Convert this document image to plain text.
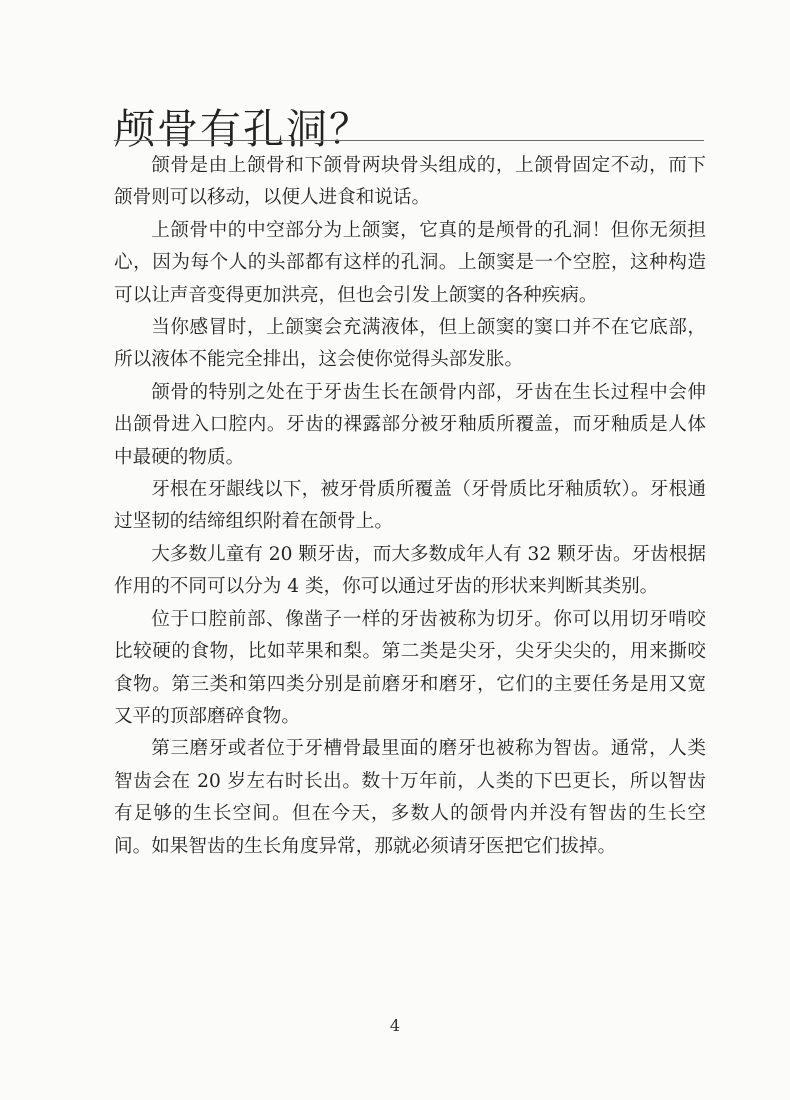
颅骨有孔洞？

颌骨是由上颌骨和下颌骨两块骨头组成的，上颌骨固定不动，而下颌骨则可以移动，以便人进食和说话。

上颌骨中的中空部分为上颌窦，它真的是颅骨的孔洞！但你无须担心，因为每个人的头部都有这样的孔洞。上颌窦是一个空腔，这种构造可以让声音变得更加洪亮，但也会引发上颌窦的各种疾病。

当你感冒时，上颌窦会充满液体，但上颌窦的窦口并不在它底部，所以液体不能完全排出，这会使你觉得头部发胀。

颌骨的特别之处在于牙齿生长在颌骨内部，牙齿在生长过程中会伸出颌骨进入口腔内。牙齿的裸露部分被牙釉质所覆盖，而牙釉质是人体中最硬的物质。

牙根在牙龈线以下，被牙骨质所覆盖（牙骨质比牙釉质软）。牙根通过坚韧的结缔组织附着在颌骨上。

大多数儿童有 20 颗牙齿，而大多数成年人有 32 颗牙齿。牙齿根据作用的不同可以分为 4 类，你可以通过牙齿的形状来判断其类别。

位于口腔前部、像凿子一样的牙齿被称为切牙。你可以用切牙啃咬比较硬的食物，比如苹果和梨。第二类是尖牙，尖牙尖尖的，用来撕咬食物。第三类和第四类分别是前磨牙和磨牙，它们的主要任务是用又宽又平的顶部磨碎食物。

第三磨牙或者位于牙槽骨最里面的磨牙也被称为智齿。通常，人类智齿会在 20 岁左右时长出。数十万年前，人类的下巴更长，所以智齿有足够的生长空间。但在今天，多数人的颌骨内并没有智齿的生长空间。如果智齿的生长角度异常，那就必须请牙医把它们拔掉。

4
